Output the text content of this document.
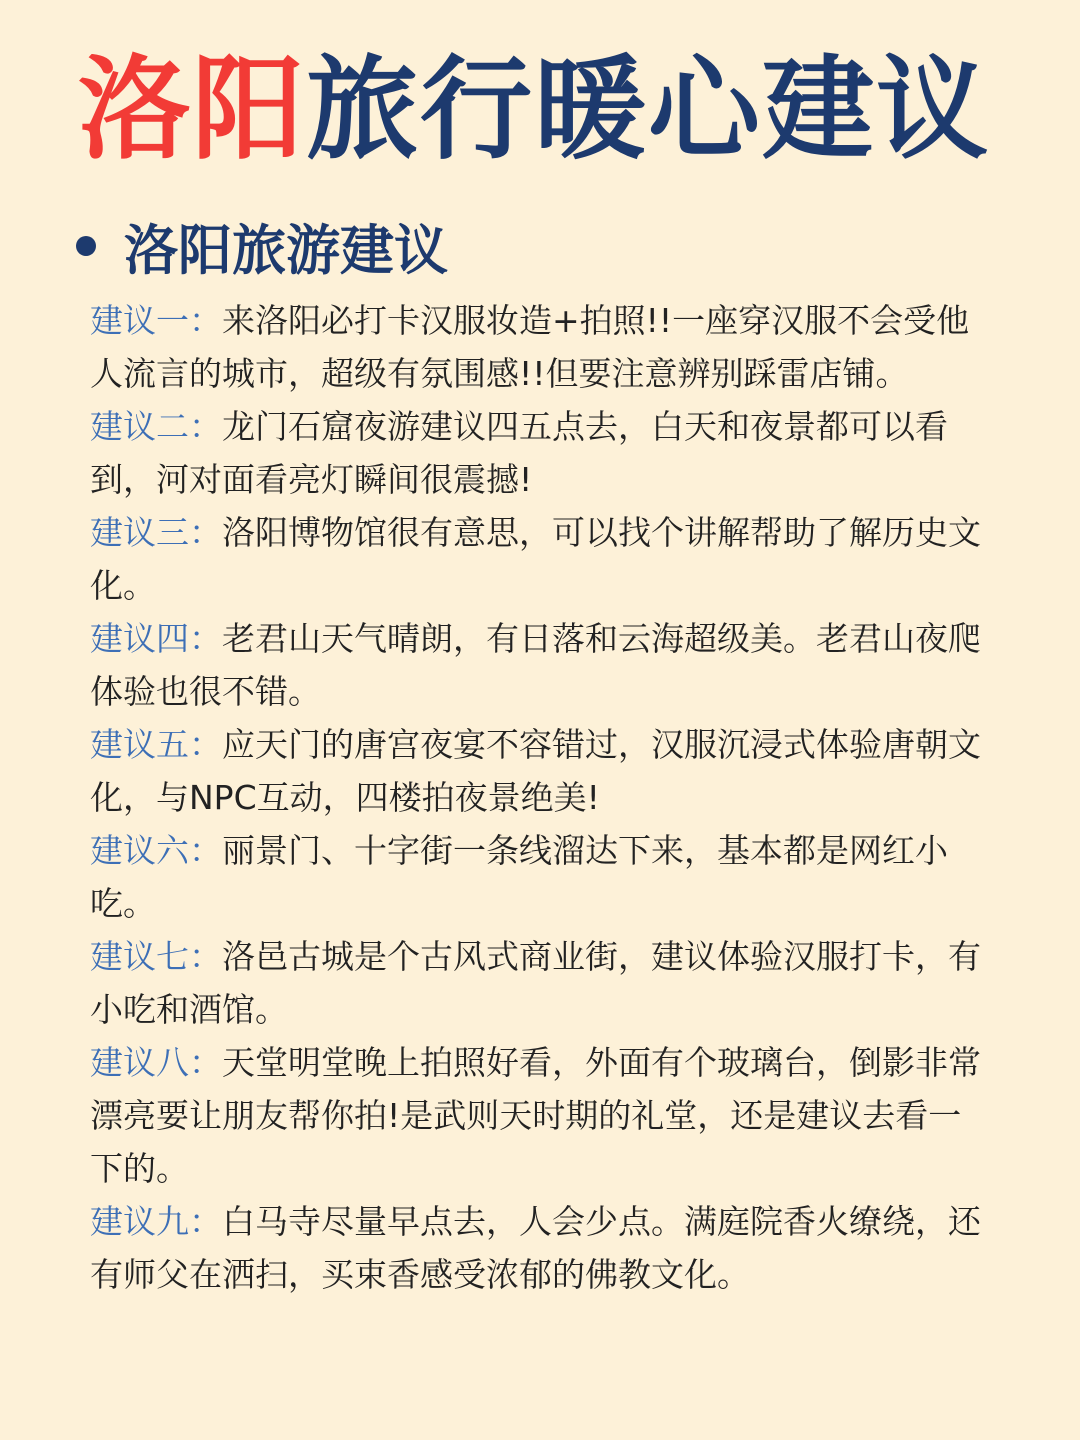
洛阳旅行暖心建议
洛阳旅游建议

建议一：来洛阳必打卡汉服妆造+拍照!!一座穿汉服不会受他人流言的城市，超级有氛围感!!但要注意辨别踩雷店铺。

建议二：龙门石窟夜游建议四五点去，白天和夜景都可以看到，河对面看亮灯瞬间很震撼!

建议三：洛阳博物馆很有意思，可以找个讲解帮助了解历史文化。

建议四：老君山天气晴朗，有日落和云海超级美。老君山夜爬体验也很不错。

建议五：应天门的唐宫夜宴不容错过，汉服沉浸式体验唐朝文化，与NPC互动，四楼拍夜景绝美!

建议六：丽景门、十字街一条线溜达下来，基本都是网红小吃。

建议七：洛邑古城是个古风式商业街，建议体验汉服打卡，有小吃和酒馆。

建议八：天堂明堂晚上拍照好看，外面有个玻璃台，倒影非常漂亮要让朋友帮你拍!是武则天时期的礼堂，还是建议去看一下的。

建议九：白马寺尽量早点去，人会少点。满庭院香火缭绕，还有师父在洒扫，买束香感受浓郁的佛教文化。
